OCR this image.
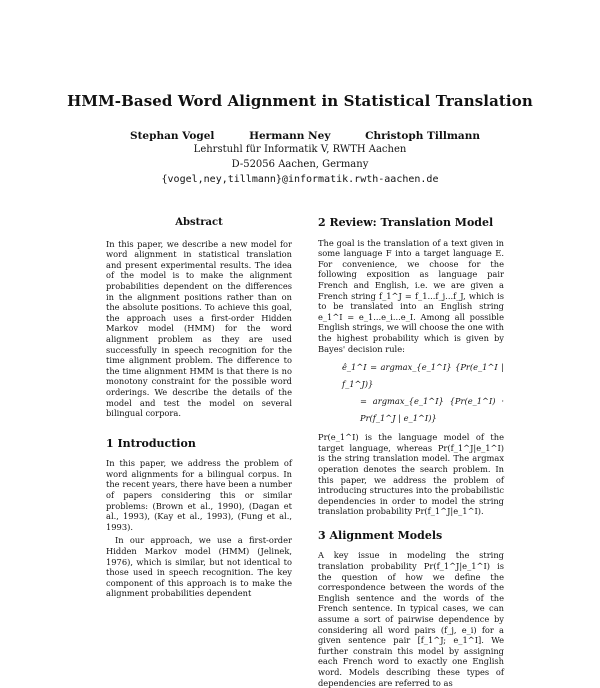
HMM-Based Word Alignment in Statistical Translation
Stephan Vogel	Hermann Ney	Christoph Tillmann
Lehrstuhl für Informatik V, RWTH Aachen
D-52056 Aachen, Germany
{vogel,ney,tillmann}@informatik.rwth-aachen.de
Abstract

In this paper, we describe a new model for word alignment in statistical translation and present experimental results. The idea of the model is to make the alignment probabilities dependent on the differences in the alignment positions rather than on the absolute positions. To achieve this goal, the approach uses a first-order Hidden Markov model (HMM) for the word alignment problem as they are used successfully in speech recognition for the time alignment problem. The difference to the time alignment HMM is that there is no monotony constraint for the possible word orderings. We describe the details of the model and test the model on several bilingual corpora.

1 Introduction

In this paper, we address the problem of word alignments for a bilingual corpus. In the recent years, there have been a number of papers considering this or similar problems: (Brown et al., 1990), (Dagan et al., 1993), (Kay et al., 1993), (Fung et al., 1993).

In our approach, we use a first-order Hidden Markov model (HMM) (Jelinek, 1976), which is similar, but not identical to those used in speech recognition. The key component of this approach is to make the alignment probabilities dependent

2 Review: Translation Model

The goal is the translation of a text given in some language F into a target language E. For convenience, we choose for the following exposition as language pair French and English, i.e. we are given a French string f_1^J = f_1...f_j...f_J, which is to be translated into an English string e_1^I = e_1...e_i...e_I. Among all possible English strings, we will choose the one with the highest probability which is given by Bayes' decision rule:

ê_1^I = argmax_{e_1^I} {Pr(e_1^I | f_1^J)}
= argmax_{e_1^I} {Pr(e_1^I) · Pr(f_1^J | e_1^I)}

Pr(e_1^I) is the language model of the target language, whereas Pr(f_1^J|e_1^I) is the string translation model. The argmax operation denotes the search problem. In this paper, we address the problem of introducing structures into the probabilistic dependencies in order to model the string translation probability Pr(f_1^J|e_1^I).

3 Alignment Models

A key issue in modeling the string translation probability Pr(f_1^J|e_1^I) is the question of how we define the correspondence between the words of the English sentence and the words of the French sentence. In typical cases, we can assume a sort of pairwise dependence by considering all word pairs (f_j, e_i) for a given sentence pair [f_1^J; e_1^I]. We further constrain this model by assigning each French word to exactly one English word. Models describing these types of dependencies are referred to as
